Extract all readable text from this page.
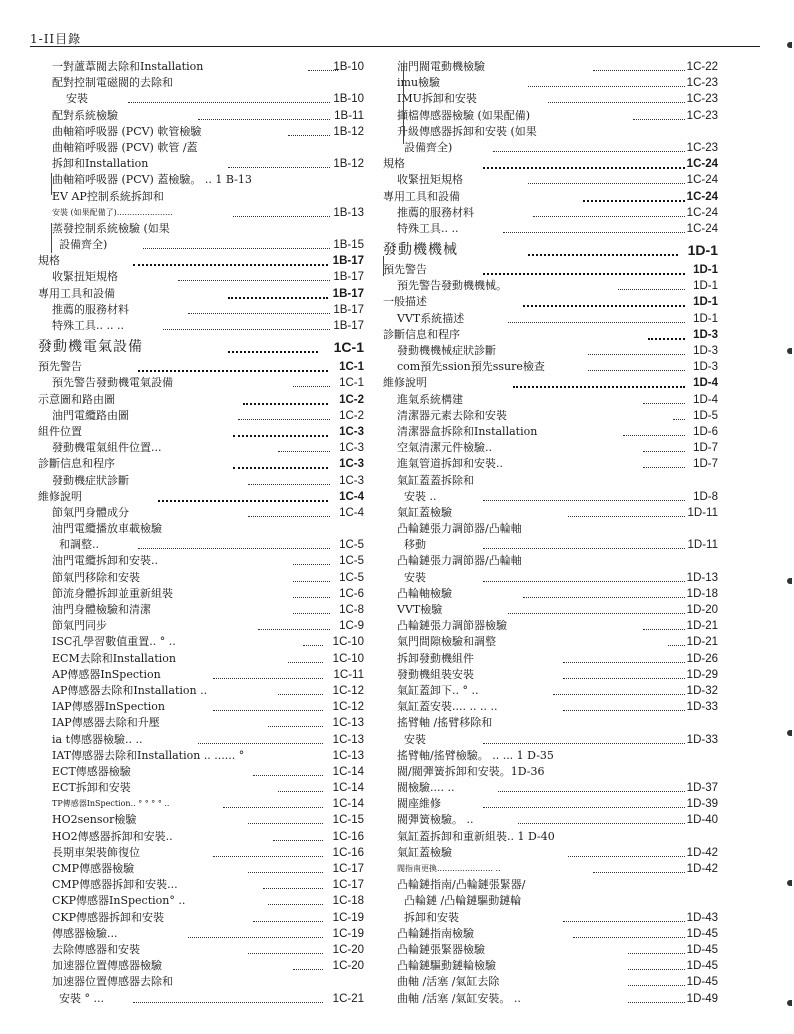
1-II目錄
一對蘆葦閥去除和Installation	1B-10
配對控制電磁閥的去除和
安裝	1B-10
配對系統檢驗	1B-11
曲軸箱呼吸器 (PCV) 軟管檢驗	1B-12
曲軸箱呼吸器 (PCV) 軟管 /蓋
拆卸和Installation	1B-12
曲軸箱呼吸器 (PCV) 蓋檢驗。 .. 1 B-13
EV AP控制系統拆卸和
安裝 (如果配備了)......................	1B-13
蒸發控制系統檢驗 (如果
設備齊全)	1B-15
規格	1B-17
收緊扭矩規格	1B-17
專用工具和設備	1B-17
推薦的服務材料	1B-17
特殊工具.. .. ..	1B-17
發動機電氣設備	1C-1
預先警告	1C-1
預先警告發動機電氣設備	1C-1
示意圖和路由圖	1C-2
油門電纜路由圖	1C-2
組件位置	1C-3
發動機電氣組件位置...	1C-3
診斷信息和程序	1C-3
發動機症狀診斷	1C-3
維修說明	1C-4
節氣門身體成分	1C-4
油門電纜播放車載檢驗
和調整..	1C-5
油門電纜拆卸和安裝..	1C-5
節氣門移除和安裝	1C-5
節流身體拆卸並重新組裝	1C-6
油門身體檢驗和清潔	1C-8
節氣門同步	1C-9
ISC孔學習數值重置.. ° ..	1C-10
ECM去除和Installation	1C-10
AP傳感器InSpection	1C-11
AP傳感器去除和Installation ..	1C-12
IAP傳感器InSpection	1C-12
IAP傳感器去除和升壓	1C-13
ia t傳感器檢驗.. ..	1C-13
IAT傳感器去除和Installation .. ...... °	1C-13
ECT傳感器檢驗	1C-14
ECT拆卸和安裝	1C-14
TP傳感器InSpection.. ° ° ° ° ..	1C-14
HO2sensor檢驗	1C-15
HO2傳感器拆卸和安裝..	1C-16
長期車架裝飾復位	1C-16
CMP傳感器檢驗	1C-17
CMP傳感器拆卸和安裝...	1C-17
CKP傳感器InSpection° ..	1C-18
CKP傳感器拆卸和安裝	1C-19
傳感器檢驗...	1C-19
去除傳感器和安裝	1C-20
加速器位置傳感器檢驗	1C-20
加速器位置傳感器去除和
安裝 ° ...	1C-21
油門閥電動機檢驗	1C-22
imu檢驗	1C-23
IMU拆卸和安裝	1C-23
擷檔傳感器檢驗 (如果配備)	1C-23
升級傳感器拆卸和安裝 (如果
設備齊全)	1C-23
規格	1C-24
收緊扭矩規格	1C-24
專用工具和設備	1C-24
推薦的服務材料	1C-24
特殊工具.. ..	1C-24
發動機機械	1D-1
預先警告	1D-1
預先警告發動機機械。	1D-1
一般描述	1D-1
VVT系統描述	1D-1
診斷信息和程序	1D-3
發動機機械症狀診斷	1D-3
com預先ssion預先ssure檢查	1D-3
維修說明	1D-4
進氣系統構建	1D-4
清潔器元素去除和安裝	1D-5
清潔器盒拆除和Installation	1D-6
空氣清潔元件檢驗..	1D-7
進氣管道拆卸和安裝..	1D-7
氣缸蓋蓋拆除和
安裝 ..	1D-8
氣缸蓋檢驗	1D-11
凸輪鏈張力調節器/凸輪軸
移動	1D-11
凸輪鏈張力調節器/凸輪軸
安裝	1D-13
凸輪軸檢驗	1D-18
VVT檢驗	1D-20
凸輪鏈張力調節器檢驗	1D-21
氣門間隙檢驗和調整	1D-21
拆卸發動機組件	1D-26
發動機組裝安裝	1D-29
氣缸蓋卸下.. ° ..	1D-32
氣缸蓋安裝.... .. .. ..	1D-33
搖臂軸 /搖臂移除和
安裝	1D-33
搖臂軸/搖臂檢驗。 .. ... 1 D-35
閥/閥彈簧拆卸和安裝。1D-36
閥檢驗.... ..	1D-37
閥座維修	1D-39
閥彈簧檢驗。 ..	1D-40
氣缸蓋拆卸和重新組裝.. 1 D-40
氣缸蓋檢驗	1D-42
閥指南更換...................... ..	1D-42
凸輪鏈指南/凸輪鏈張緊器/
凸輪鏈 /凸輪鏈驅動鏈輪
拆卸和安裝	1D-43
凸輪鏈指南檢驗	1D-45
凸輪鏈張緊器檢驗	1D-45
凸輪鏈驅動鏈輪檢驗	1D-45
曲軸 /活塞 /氣缸去除	1D-45
曲軸 /活塞 /氣缸安裝。 ..	1D-49
